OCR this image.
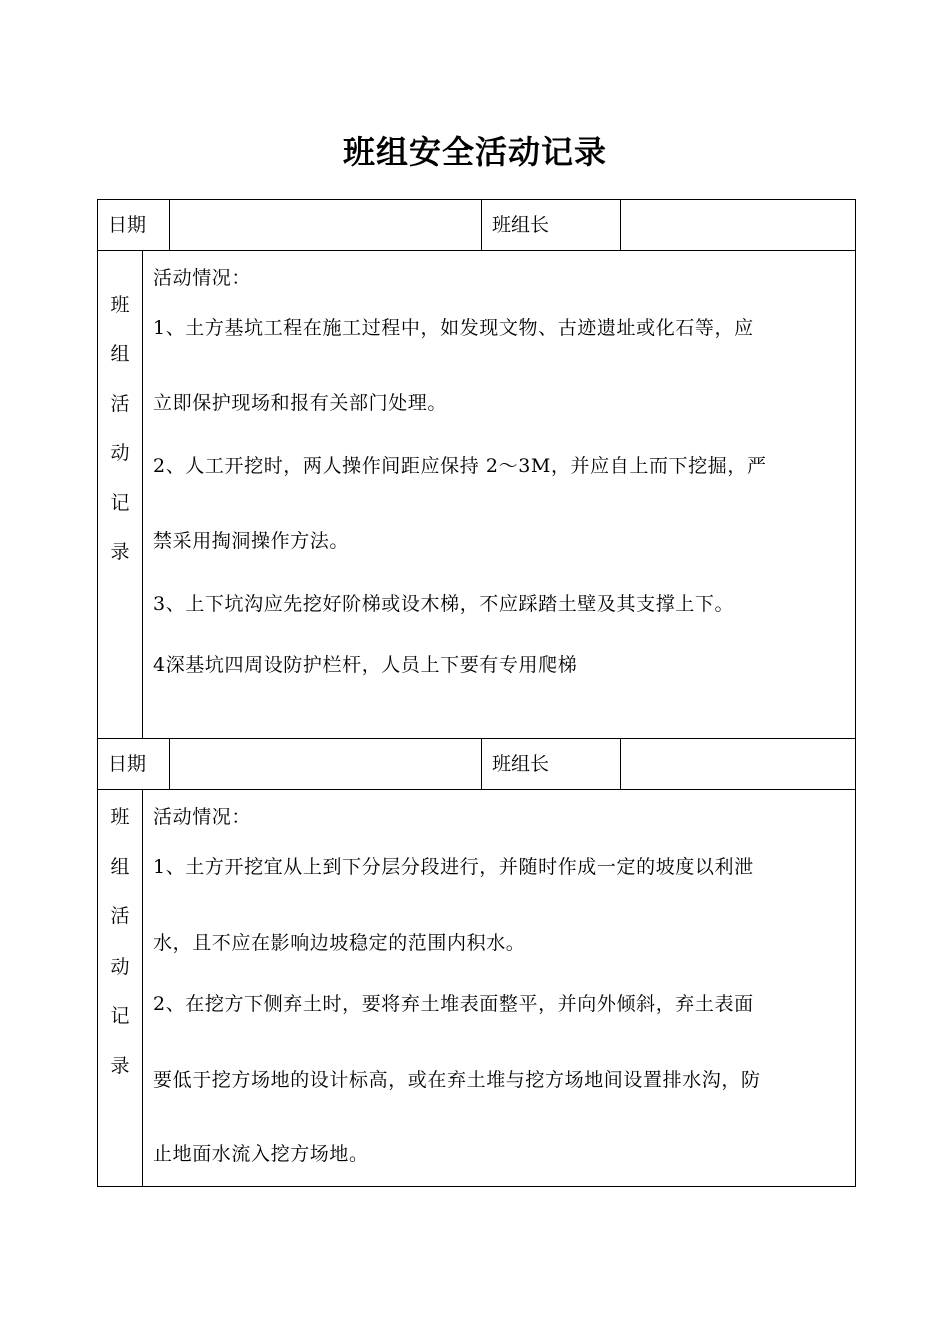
班组安全活动记录
日期	班组长
班
组
活
动
记
录
活动情况：
1、土方基坑工程在施工过程中，如发现文物、古迹遗址或化石等，应
立即保护现场和报有关部门处理。
2、人工开挖时，两人操作间距应保持 2～3M，并应自上而下挖掘，严
禁采用掏洞操作方法。
3、上下坑沟应先挖好阶梯或设木梯，不应踩踏土壁及其支撑上下。
4深基坑四周设防护栏杆，人员上下要有专用爬梯
日期	班组长
班
组
活
动
记
录
活动情况：
1、土方开挖宜从上到下分层分段进行，并随时作成一定的坡度以利泄
水，且不应在影响边坡稳定的范围内积水。
2、在挖方下侧弃土时，要将弃土堆表面整平，并向外倾斜，弃土表面
要低于挖方场地的设计标高，或在弃土堆与挖方场地间设置排水沟，防
止地面水流入挖方场地。
